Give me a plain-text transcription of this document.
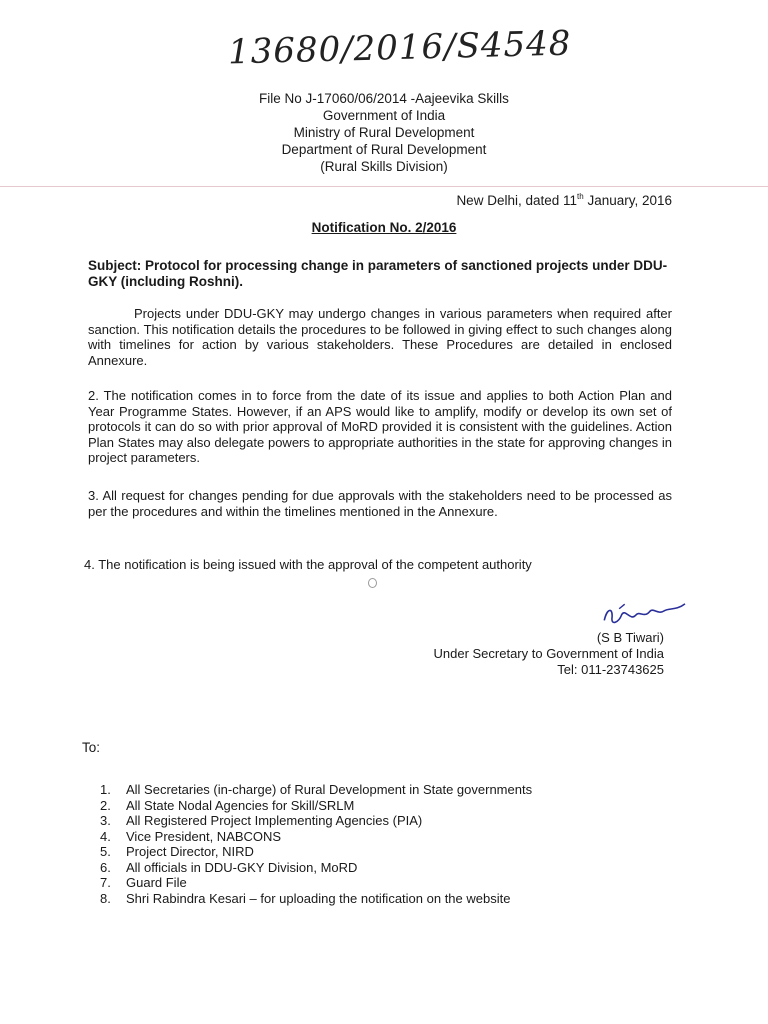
13680/2016/S4548
File No J-17060/06/2014 -Aajeevika Skills
Government of India
Ministry of Rural Development
Department of Rural Development
(Rural Skills Division)
New Delhi, dated 11th January, 2016
Notification No. 2/2016
Subject: Protocol for processing change in parameters of sanctioned projects under DDU- GKY (including Roshni).
Projects under DDU-GKY may undergo changes in various parameters when required after sanction. This notification details the procedures to be followed in giving effect to such changes along with timelines for action by various stakeholders. These Procedures are detailed in enclosed Annexure.
2. The notification comes in to force from the date of its issue and applies to both Action Plan and Year Programme States. However, if an APS would like to amplify, modify or develop its own set of protocols it can do so with prior approval of MoRD provided it is consistent with the guidelines. Action Plan States may also delegate powers to appropriate authorities in the state for approving changes in project parameters.
3. All request for changes pending for due approvals with the stakeholders need to be processed as per the procedures and within the timelines mentioned in the Annexure.
4. The notification is being issued with the approval of the competent authority
(S B Tiwari)
Under Secretary to Government of India
Tel: 011-23743625
To:
1.	All Secretaries (in-charge) of Rural Development in State governments
2.	All State Nodal Agencies for Skill/SRLM
3.	All Registered Project Implementing Agencies (PIA)
4.	Vice President, NABCONS
5.	Project Director, NIRD
6.	All officials in DDU-GKY Division, MoRD
7.	Guard File
8.	Shri Rabindra Kesari – for uploading the notification on the website
